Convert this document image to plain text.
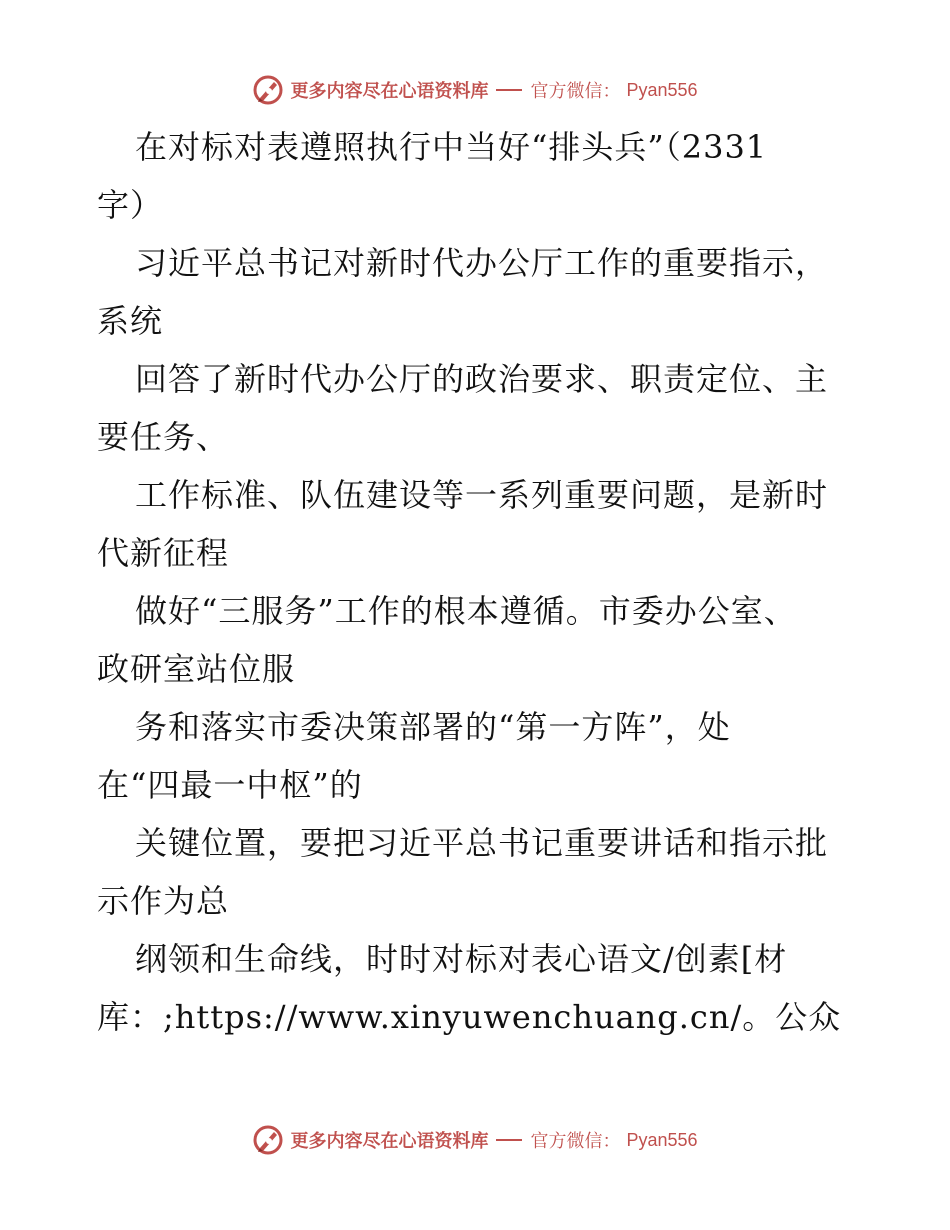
更多内容尽在心语资料库 官方微信： Pyan556
在对标对表遵照执行中当好“排头兵”（2331
字）
习近平总书记对新时代办公厅工作的重要指示，
系统
回答了新时代办公厅的政治要求、职责定位、主
要任务、
工作标准、队伍建设等一系列重要问题，是新时
代新征程
做好“三服务”工作的根本遵循。市委办公室、
政研室站位服
务和落实市委决策部署的“第一方阵”，处
在“四最一中枢”的
关键位置，要把习近平总书记重要讲话和指示批
示作为总
纲领和生命线，时时对标对表心语文/创素[材
库：;https://www.xinyuwenchuang.cn/。公众
更多内容尽在心语资料库 官方微信： Pyan556
